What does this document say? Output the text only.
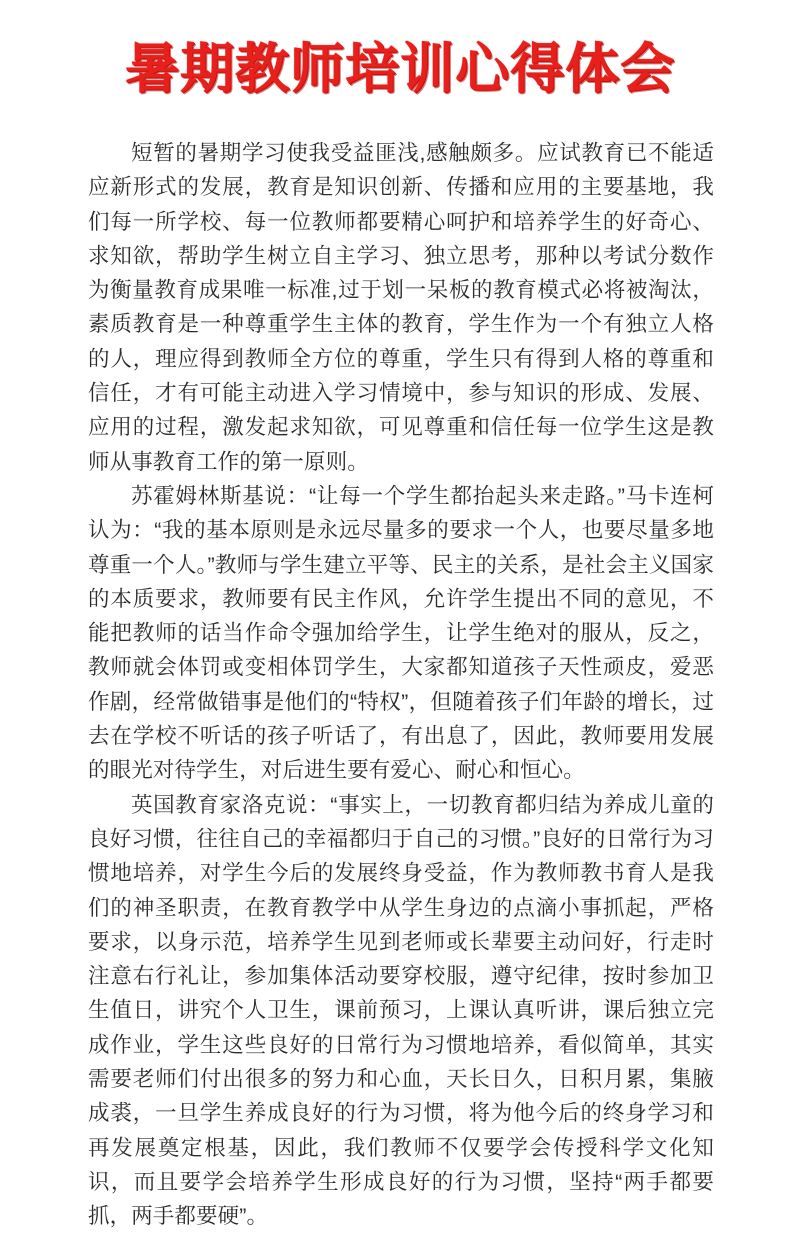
暑期教师培训心得体会

短暂的暑期学习使我受益匪浅,感触颇多。应试教育已不能适应新形式的发展，教育是知识创新、传播和应用的主要基地，我们每一所学校、每一位教师都要精心呵护和培养学生的好奇心、求知欲，帮助学生树立自主学习、独立思考，那种以考试分数作为衡量教育成果唯一标准,过于划一呆板的教育模式必将被淘汰，素质教育是一种尊重学生主体的教育，学生作为一个有独立人格的人，理应得到教师全方位的尊重，学生只有得到人格的尊重和信任，才有可能主动进入学习情境中，参与知识的形成、发展、应用的过程，激发起求知欲，可见尊重和信任每一位学生这是教师从事教育工作的第一原则。

苏霍姆林斯基说：“让每一个学生都抬起头来走路。”马卡连柯认为：“我的基本原则是永远尽量多的要求一个人，也要尽量多地尊重一个人。”教师与学生建立平等、民主的关系，是社会主义国家的本质要求，教师要有民主作风，允许学生提出不同的意见，不能把教师的话当作命令强加给学生，让学生绝对的服从，反之，教师就会体罚或变相体罚学生，大家都知道孩子天性顽皮，爱恶作剧，经常做错事是他们的“特权”，但随着孩子们年龄的增长，过去在学校不听话的孩子听话了，有出息了，因此，教师要用发展的眼光对待学生，对后进生要有爱心、耐心和恒心。

英国教育家洛克说：“事实上，一切教育都归结为养成儿童的良好习惯，往往自己的幸福都归于自己的习惯。”良好的日常行为习惯地培养，对学生今后的发展终身受益，作为教师教书育人是我们的神圣职责，在教育教学中从学生身边的点滴小事抓起，严格要求，以身示范，培养学生见到老师或长辈要主动问好，行走时注意右行礼让，参加集体活动要穿校服，遵守纪律，按时参加卫生值日，讲究个人卫生，课前预习，上课认真听讲，课后独立完成作业，学生这些良好的日常行为习惯地培养，看似简单，其实需要老师们付出很多的努力和心血，天长日久，日积月累，集腋成裘，一旦学生养成良好的行为习惯，将为他今后的终身学习和再发展奠定根基，因此，我们教师不仅要学会传授科学文化知识，而且要学会培养学生形成良好的行为习惯，坚持“两手都要抓，两手都要硬”。
